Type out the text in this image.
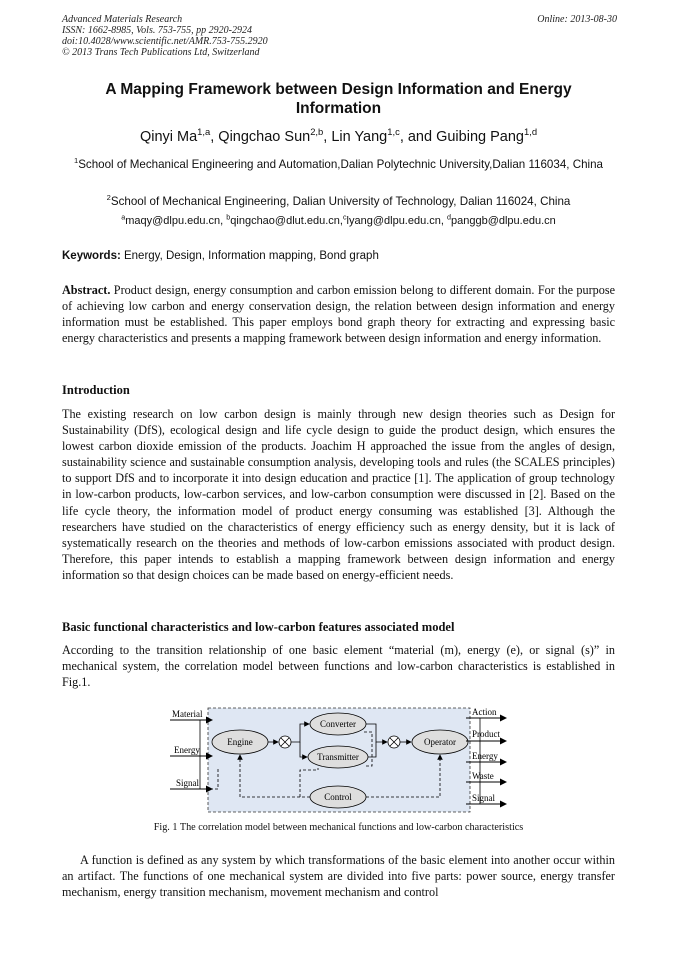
Advanced Materials Research
ISSN: 1662-8985, Vols. 753-755, pp 2920-2924
doi:10.4028/www.scientific.net/AMR.753-755.2920
© 2013 Trans Tech Publications Ltd, Switzerland
Online: 2013-08-30
A Mapping Framework between Design Information and Energy Information
Qinyi Ma$^{1,a}$, Qingchao Sun$^{2,b}$, Lin Yang$^{1,c}$, and Guibing Pang$^{1,d}$
$^1$School of Mechanical Engineering and Automation,Dalian Polytechnic University,Dalian 116034, China
$^2$School of Mechanical Engineering, Dalian University of Technology, Dalian 116024, China
$^a$maqy@dlpu.edu.cn, $^b$qingchao@dlut.edu.cn,$^c$lyang@dlpu.edu.cn, $^d$panggb@dlpu.edu.cn
Keywords: Energy, Design, Information mapping, Bond graph
Abstract. Product design, energy consumption and carbon emission belong to different domain. For the purpose of achieving low carbon and energy conservation design, the relation between design information and energy information must be established. This paper employs bond graph theory for extracting and expressing basic energy characteristics and presents a mapping framework between design information and energy information.
Introduction
The existing research on low carbon design is mainly through new design theories such as Design for Sustainability (DfS), ecological design and life cycle design to guide the product design, which ensures the lowest carbon dioxide emission of the products. Joachim H approached the issue from the angles of design, sustainability science and sustainable consumption analysis, developing tools and rules (the SCALES principles) to support DfS and to incorporate it into design education and practice [1]. The application of group technology in low-carbon products, low-carbon services, and low-carbon consumption were discussed in [2]. Based on the life cycle theory, the information model of product energy consuming was established [3]. Although the researchers have studied on the characteristics of energy efficiency such as energy density, but it is lack of systematically research on the theories and methods of low-carbon emissions associated with product design. Therefore, this paper intends to establish a mapping framework between design information and energy information so that design choices can be made based on energy-efficient needs.
Basic functional characteristics and low-carbon features associated model
According to the transition relationship of one basic element “material (m), energy (e), or signal (s)” in mechanical system, the correlation model between functions and low-carbon characteristics is established in Fig.1.
Material
Energy
Signal
Engine
Converter
Transmitter
Operator
Control
Action
Product
Energy
Waste
Signal
Fig. 1 The correlation model between mechanical functions and low-carbon characteristics
A function is defined as any system by which transformations of the basic element into another occur within an artifact. The functions of one mechanical system are divided into five parts: power source, energy transfer mechanism, energy transition mechanism, movement mechanism and control
